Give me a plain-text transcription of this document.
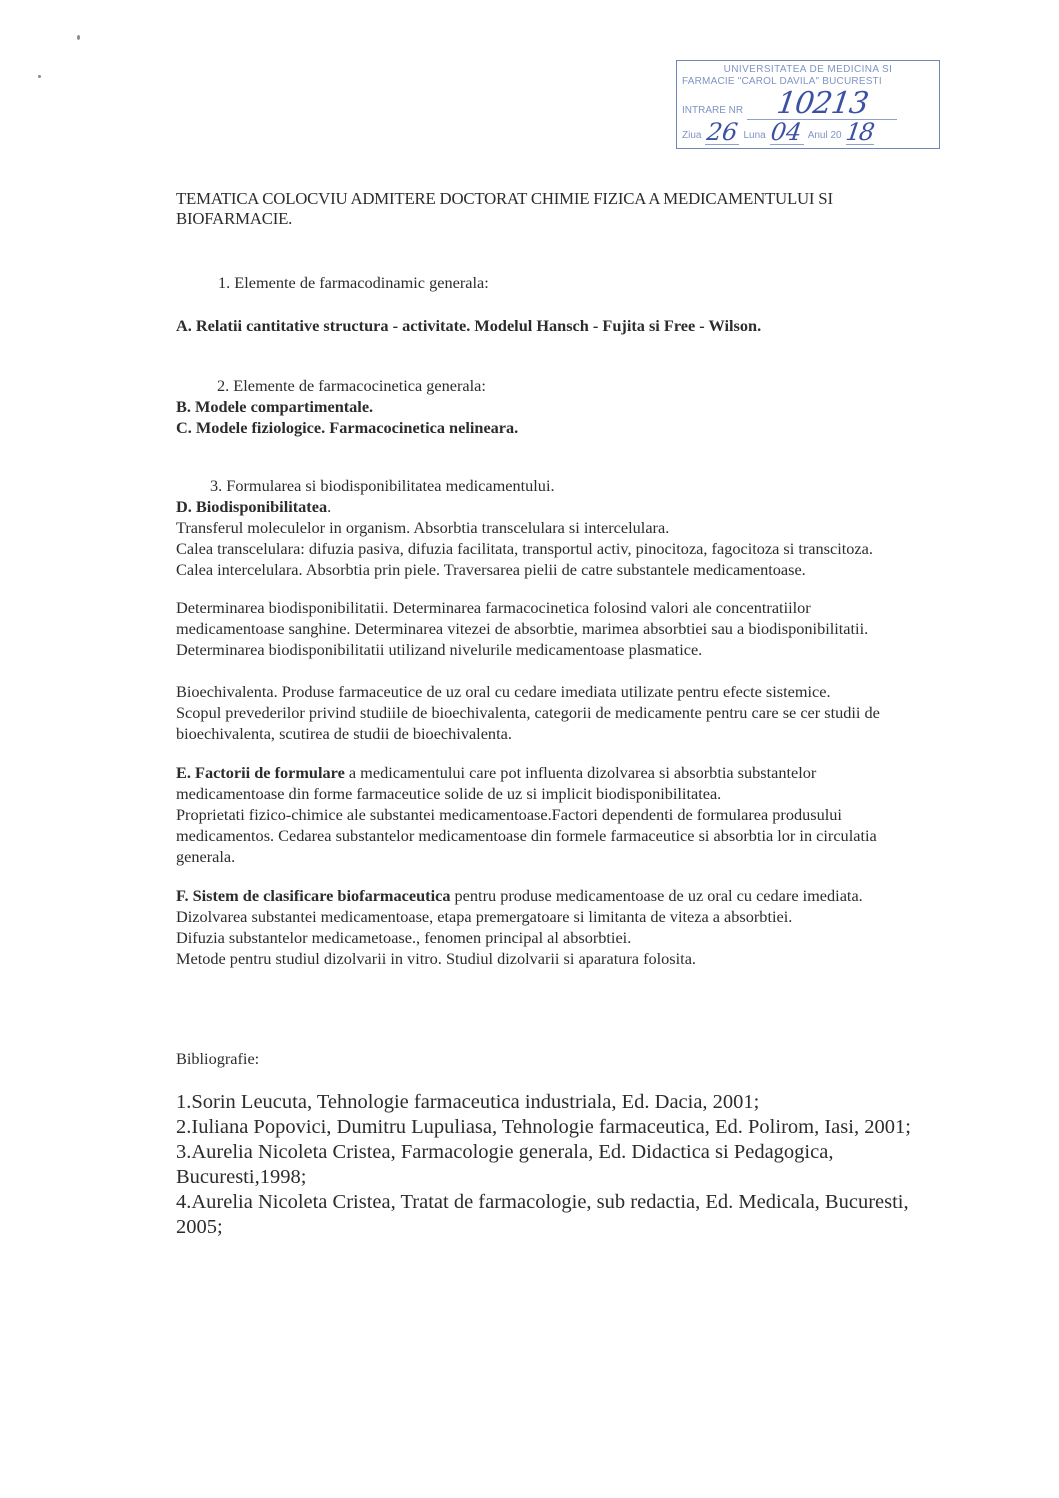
UNIVERSITATEA DE MEDICINA SI
FARMACIE "CAROL DAVILA" BUCURESTI
INTRARE NR 10213
Ziua 26 Luna 04 Anul 20 18
TEMATICA COLOCVIU ADMITERE DOCTORAT CHIMIE FIZICA A MEDICAMENTULUI SI
BIOFARMACIE.
1. Elemente de farmacodinamic generala:
A. Relatii cantitative structura - activitate. Modelul Hansch - Fujita si Free - Wilson.
2. Elemente de farmacocinetica generala:
B. Modele compartimentale.
C. Modele fiziologice. Farmacocinetica nelineara.
3. Formularea si biodisponibilitatea medicamentului.
D. Biodisponibilitatea.
Transferul moleculelor in organism. Absorbtia transcelulara si intercelulara.
Calea transcelulara: difuzia pasiva, difuzia facilitata, transportul activ, pinocitoza, fagocitoza si transcitoza.
Calea intercelulara. Absorbtia prin piele. Traversarea pielii de catre substantele medicamentoase.
Determinarea biodisponibilitatii. Determinarea farmacocinetica folosind valori ale concentratiilor
medicamentoase sanghine. Determinarea vitezei de absorbtie, marimea absorbtiei sau a biodisponibilitatii.
Determinarea biodisponibilitatii utilizand nivelurile medicamentoase plasmatice.
Bioechivalenta. Produse farmaceutice de uz oral cu cedare imediata utilizate pentru efecte sistemice.
Scopul prevederilor privind studiile de bioechivalenta, categorii de medicamente pentru care se cer studii de
bioechivalenta, scutirea de studii de bioechivalenta.
E. Factorii de formulare a medicamentului care pot influenta dizolvarea si absorbtia substantelor
medicamentoase din forme farmaceutice solide de uz si implicit biodisponibilitatea.
Proprietati fizico-chimice ale substantei medicamentoase.Factori dependenti de formularea produsului
medicamentos. Cedarea substantelor medicamentoase din formele farmaceutice si absorbtia lor in circulatia
generala.
F. Sistem de clasificare biofarmaceutica pentru produse medicamentoase de uz oral cu cedare imediata.
Dizolvarea substantei medicamentoase, etapa premergatoare si limitanta de viteza a absorbtiei.
Difuzia substantelor medicametoase., fenomen principal al absorbtiei.
Metode pentru studiul dizolvarii in vitro. Studiul dizolvarii si aparatura folosita.
Bibliografie:
1.Sorin Leucuta, Tehnologie farmaceutica industriala, Ed. Dacia, 2001;
2.Iuliana Popovici, Dumitru Lupuliasa, Tehnologie farmaceutica, Ed. Polirom, Iasi, 2001;
3.Aurelia Nicoleta Cristea, Farmacologie generala, Ed. Didactica si Pedagogica,
Bucuresti,1998;
4.Aurelia Nicoleta Cristea, Tratat de farmacologie, sub redactia, Ed. Medicala, Bucuresti,
2005;
